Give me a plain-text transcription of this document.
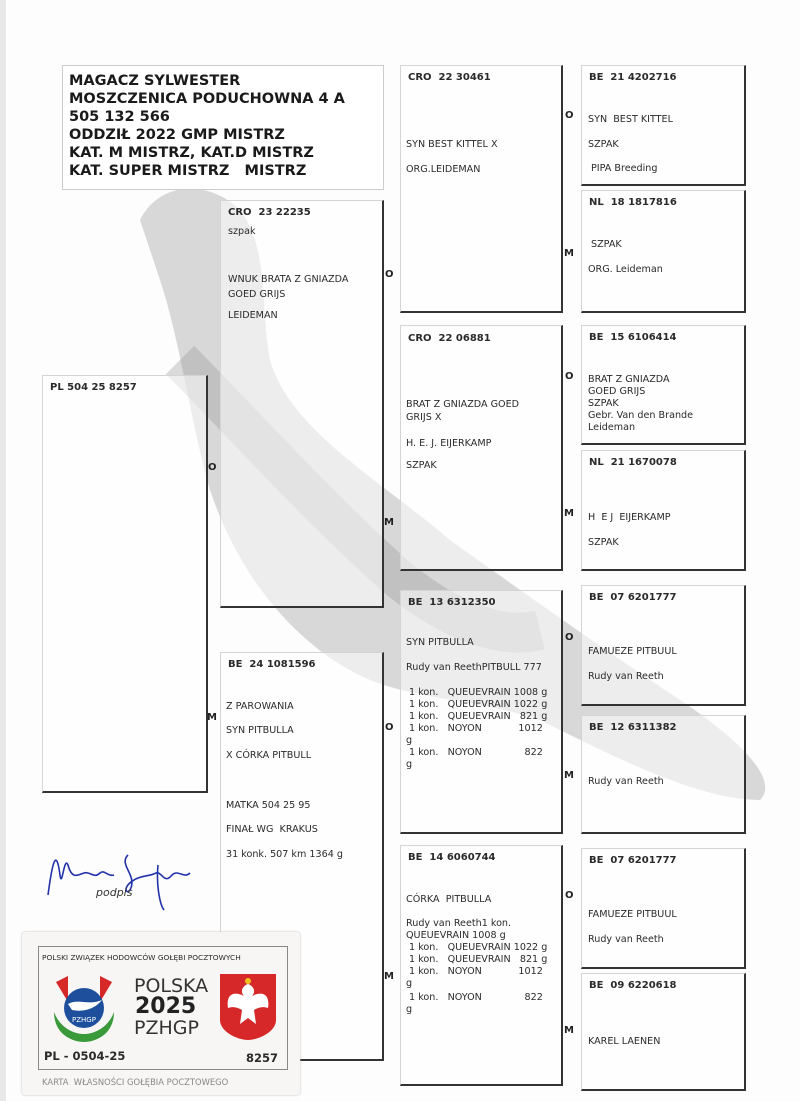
MAGACZ SYLWESTER
MOSZCZENICA PODUCHOWNA 4 A
505 132 566
ODDZIŁ 2022 GMP MISTRZ
KAT. M MISTRZ, KAT.D MISTRZ
KAT. SUPER MISTRZ   MISTRZ
O
M
O
M
O
M
O
M
O
M
O
M
O
M
PL 504 25 8257
CRO  23 22235
szpak
WNUK BRATA Z GNIAZDA
GOED GRIJS
LEIDEMAN
BE  24 1081596
Z PAROWANIA
SYN PITBULLA
X CÓRKA PITBULL
MATKA 504 25 95
FINAŁ WG  KRAKUS
31 konk. 507 km 1364 g
CRO  22 30461
SYN BEST KITTEL X
ORG.LEIDEMAN
CRO  22 06881
BRAT Z GNIAZDA GOED
GRIJS X
H. E. J. EIJERKAMP
SZPAK
BE  13 6312350
SYN PITBULLA
Rudy van ReethPITBULL 777
1 kon.   QUEUEVRAIN 1008 g
1 kon.   QUEUEVRAIN 1022 g
1 kon.   QUEUEVRAIN   821 g
1 kon.   NOYON            1012
g
1 kon.   NOYON              822
g
BE  14 6060744
CÓRKA  PITBULLA
Rudy van Reeth1 kon.
QUEUEVRAIN 1008 g
1 kon.   QUEUEVRAIN 1022 g
1 kon.   QUEUEVRAIN   821 g
1 kon.   NOYON            1012
g
1 kon.   NOYON              822
g
BE  21 4202716
SYN  BEST KITTEL
SZPAK
PIPA Breeding
NL  18 1817816
SZPAK
ORG. Leideman
BE  15 6106414
BRAT Z GNIAZDA
GOED GRIJS
SZPAK
Gebr. Van den Brande
Leideman
NL  21 1670078
H  E J  EIJERKAMP
SZPAK
BE  07 6201777
FAMUEZE PITBUUL
Rudy van Reeth
BE  12 6311382
Rudy van Reeth
BE  07 6201777
FAMUEZE PITBUUL
Rudy van Reeth
BE  09 6220618
KAREL LAENEN
podpis
POLSKI ZWIĄZEK HODOWCÓW GOŁĘBI POCZTOWYCH
PZHGP
POLSKA
2025
PZHGP
PL - 0504-25	8257
KARTA  WŁASNOŚCI GOŁĘBIA POCZTOWEGO
